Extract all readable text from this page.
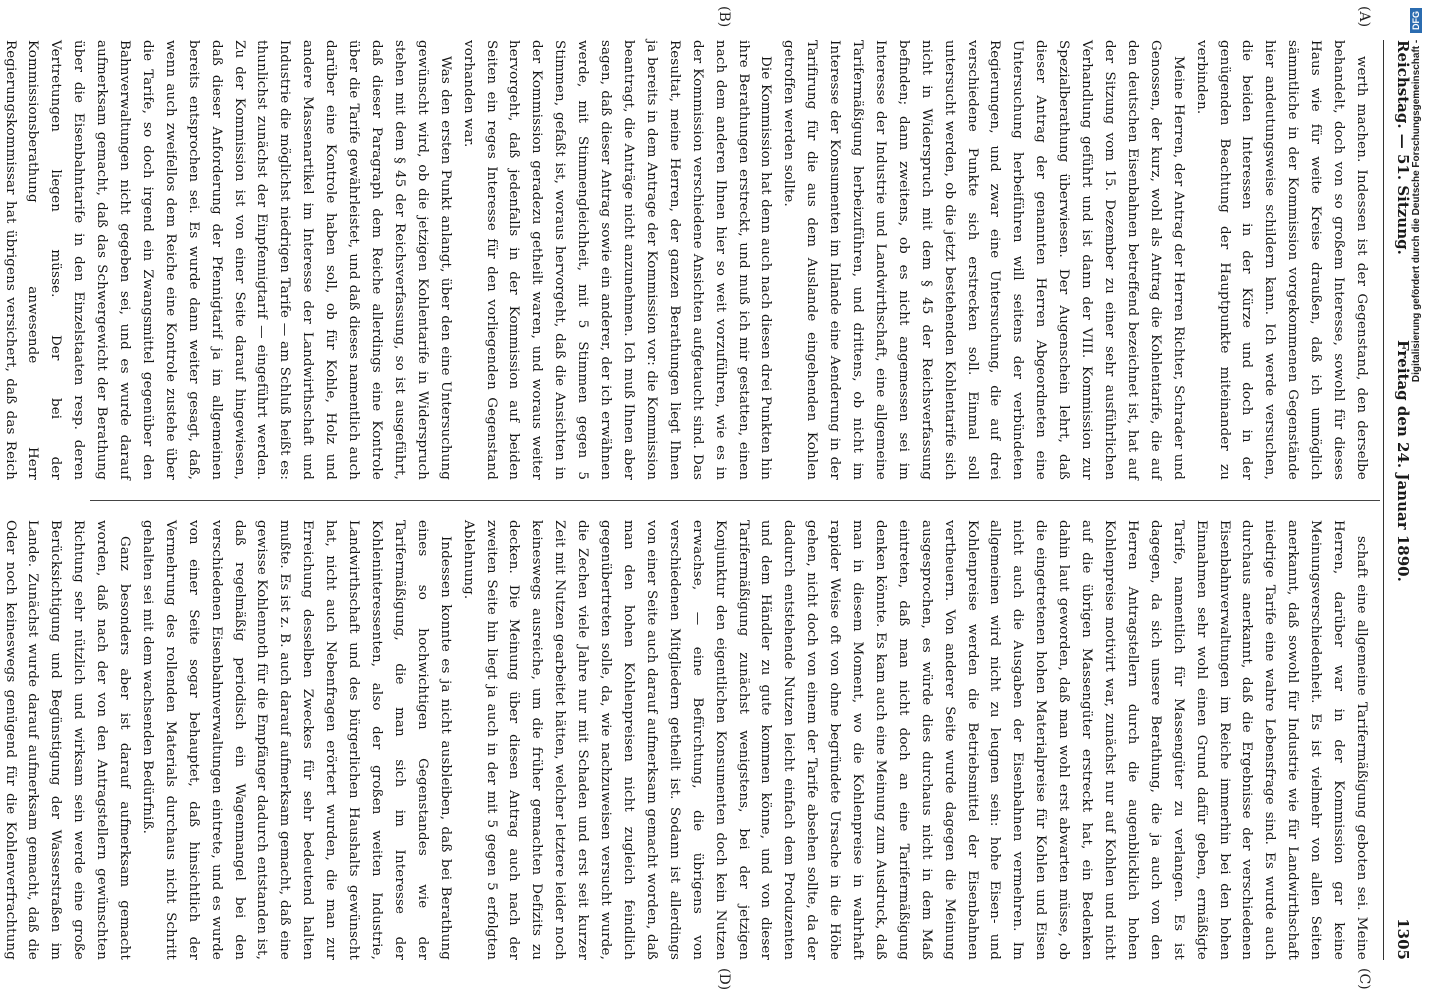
Reichstag. — 51. Sitzung.
Freitag den 24. Januar 1890.
1305
(A)
(B)
(C)
(D)

werth machen. Indessen ist der Gegenstand, den derselbe behandelt, doch von so großem Interesse, sowohl für dieses Haus wie für weite Kreise draußen, daß ich unmöglich sämmtliche in der Kommission vorgekommenen Gegenstände hier andeutungsweise schildern kann. Ich werde versuchen, die beiden Interessen in der Kürze und doch in der genügenden Beachtung der Hauptpunkte miteinander zu verbinden.

Meine Herren, der Antrag der Herren Richter, Schrader und Genossen, der kurz, wohl als Antrag die Kohlentarife, die auf den deutschen Eisenbahnen betreffend bezeichnet ist, hat auf der Sitzung vom 15. Dezember zu einer sehr ausführlichen Verhandlung geführt und ist dann der VIII. Kommission zur Spezialberathung überwiesen. Der Augenschein lehrt, daß dieser Antrag der genannten Herren Abgeordneten eine Untersuchung herbeiführen will seitens der verbündeten Regierungen, und zwar eine Untersuchung, die auf drei verschiedene Punkte sich erstrecken soll. Einmal soll untersucht werden, ob die jetzt bestehenden Kohlentarife sich nicht in Widerspruch mit dem § 45 der Reichsverfassung befinden; dann zweitens, ob es nicht angemessen sei im Interesse der Industrie und Landwirthschaft, eine allgemeine Tarifermäßigung herbeizuführen, und drittens, ob nicht im Interesse der Konsumenten im Inlande eine Aenderung in der Tarifirung für die aus dem Auslande eingehenden Kohlen getroffen werden sollte.

Die Kommission hat denn auch nach diesen drei Punkten hin ihre Berathungen erstreckt, und muß ich mir gestatten, einen nach dem anderen Ihnen hier so weit vorzuführen, wie es in der Kommission verschiedene Ansichten aufgetaucht sind. Das Resultat, meine Herren, der ganzen Berathungen liegt Ihnen ja bereits in dem Antrage der Kommission vor: die Kommission beantragt, die Anträge nicht anzunehmen. Ich muß Ihnen aber sagen, daß dieser Antrag sowie ein anderer, der ich erwähnen werde, mit Stimmengleichheit, mit 5 Stimmen gegen 5 Stimmen, gefaßt ist, woraus hervorgeht, daß die Ansichten in der Kommission geradezu getheilt waren, und woraus weiter hervorgeht, daß jedenfalls in der Kommission auf beiden Seiten ein reges Interesse für den vorliegenden Gegenstand vorhanden war.

Was den ersten Punkt anlangt, über den eine Untersuchung gewünscht wird, ob die jetzigen Kohlentarife in Widerspruch stehen mit dem § 45 der Reichsverfassung, so ist ausgeführt, daß dieser Paragraph dem Reiche allerdings eine Kontrole über die Tarife gewährleistet, und daß dieses namentlich auch darüber eine Kontrole haben soll, ob für Kohle, Holz und andere Massenartikel im Interesse der Landwirthschaft und Industrie die möglichst niedrigen Tarife — am Schluß heißt es: thunlichst zunächst der Einpfennigtarif — eingeführt werden. Zu der Kommission ist von einer Seite darauf hingewiesen, daß dieser Anforderung der Pfennigtarif ja im allgemeinen bereits entsprochen sei. Es wurde dann weiter gesagt, daß, wenn auch zweifellos dem Reiche eine Kontrole zustehe über die Tarife, so doch irgend ein Zwangsmittel gegenüber den Bahnverwaltungen nicht gegeben sei, und es wurde darauf aufmerksam gemacht, daß das Schwergewicht der Berathung über die Eisenbahntarife in den Einzelstaaten resp. deren Vertretungen liegen müsse. Der bei der Kommissionsberathung anwesende Herr Regierungskommissar hat übrigens versichert, daß das Reich

schaft eine allgemeine Tarifermäßigung geboten sei. Meine Herren, darüber war in der Kommission gar keine Meinungsverschiedenheit. Es ist vielmehr von allen Seiten anerkannt, daß sowohl für Industrie wie für Landwirthschaft niedrige Tarife eine wahre Lebensfrage sind. Es wurde auch durchaus anerkannt, daß die Ergebnisse der verschiedenen Eisenbahnverwaltungen im Reiche immerhin bei den hohen Einnahmen sehr wohl einen Grund dafür geben, ermäßigte Tarife, namentlich für Massengüter zu verlangen. Es ist dagegen, da sich unsere Berathung, die ja auch von den Herren Antragstellern durch die augenblicklich hohen Kohlenpreise motivirt war, zunächst nur auf Kohlen und nicht auf die übrigen Massengüter erstreckt hat, ein Bedenken dahin laut geworden, daß man wohl erst abwarten müsse, ob die eingetretenen hohen Materialpreise für Kohlen und Eisen nicht auch die Ausgaben der Eisenbahnen vermehren. Im allgemeinen wird nicht zu leugnen sein: hohe Eisen- und Kohlenpreise werden die Betriebsmittel der Eisenbahnen vertheuern. Von anderer Seite wurde dagegen die Meinung ausgesprochen, es würde dies durchaus nicht in dem Maß eintreten, daß man nicht doch an eine Tarifermäßigung denken könnte. Es kam auch eine Meinung zum Ausdruck, daß man in diesem Moment, wo die Kohlenpreise in wahrhaft rapider Weise oft von ohne begründete Ursache in die Höhe gehen, nicht doch von einem der Tarife absehen sollte, da der dadurch entstehende Nutzen leicht einfach dem Produzenten und dem Händler zu gute kommen könne, und von dieser Tarifermäßigung zunächst wenigstens, bei der jetzigen Konjunktur den eigentlichen Konsumenten doch kein Nutzen erwachse, — eine Befürchtung, die übrigens von verschiedenen Mitgliedern getheilt ist. Sodann ist allerdings von einer Seite auch darauf aufmerksam gemacht worden, daß man den hohen Kohlenpreisen nicht zugleich feindlich gegenübertreten solle, da, wie nachzuweisen versucht wurde, die Zechen viele Jahre nur mit Schaden und erst seit kurzer Zeit mit Nutzen gearbeitet hätten, welcher letztere leider noch keineswegs ausreiche, um die früher gemachten Defizits zu decken. Die Meinung über diesen Antrag auch nach der zweiten Seite hin liegt ja auch in der mit 5 gegen 5 erfolgten Ablehnung.

Indessen konnte es ja nicht ausbleiben, daß bei Berathung eines so hochwichtigen Gegenstandes wie der Tarifermäßigung, die man sich im Interesse der Kohleninteressenten, also der großen weiten Industrie, Landwirthschaft und des bürgerlichen Haushalts gewünscht hat, nicht auch Nebenfragen erörtert wurden, die man zur Erreichung desselben Zweckes für sehr bedeutend halten mußte. Es ist z. B. auch darauf aufmerksam gemacht, daß eine gewisse Kohlennoth für die Empfänger dadurch entstanden ist, daß regelmäßig periodisch ein Wagenmangel bei den verschiedenen Eisenbahnverwaltungen eintrete, und es wurde von einer Seite sogar behauptet, daß hinsichtlich der Vermehrung des rollenden Materials durchaus nicht Schritt gehalten sei mit dem wachsenden Bedürfniß.

Ganz besonders aber ist darauf aufmerksam gemacht worden, daß nach der von den Antragstellern gewünschten Richtung sehr nützlich und wirksam sein werde eine große Berücksichtigung und Begünstigung der Wasserstraßen im Lande. Zunächst wurde darauf aufmerksam gemacht, daß die Oder noch keineswegs genügend für die Kohlenverfrachtung

Digitalisierung gefördert durch die Deutsche Forschungsgemeinschaft - DFG
